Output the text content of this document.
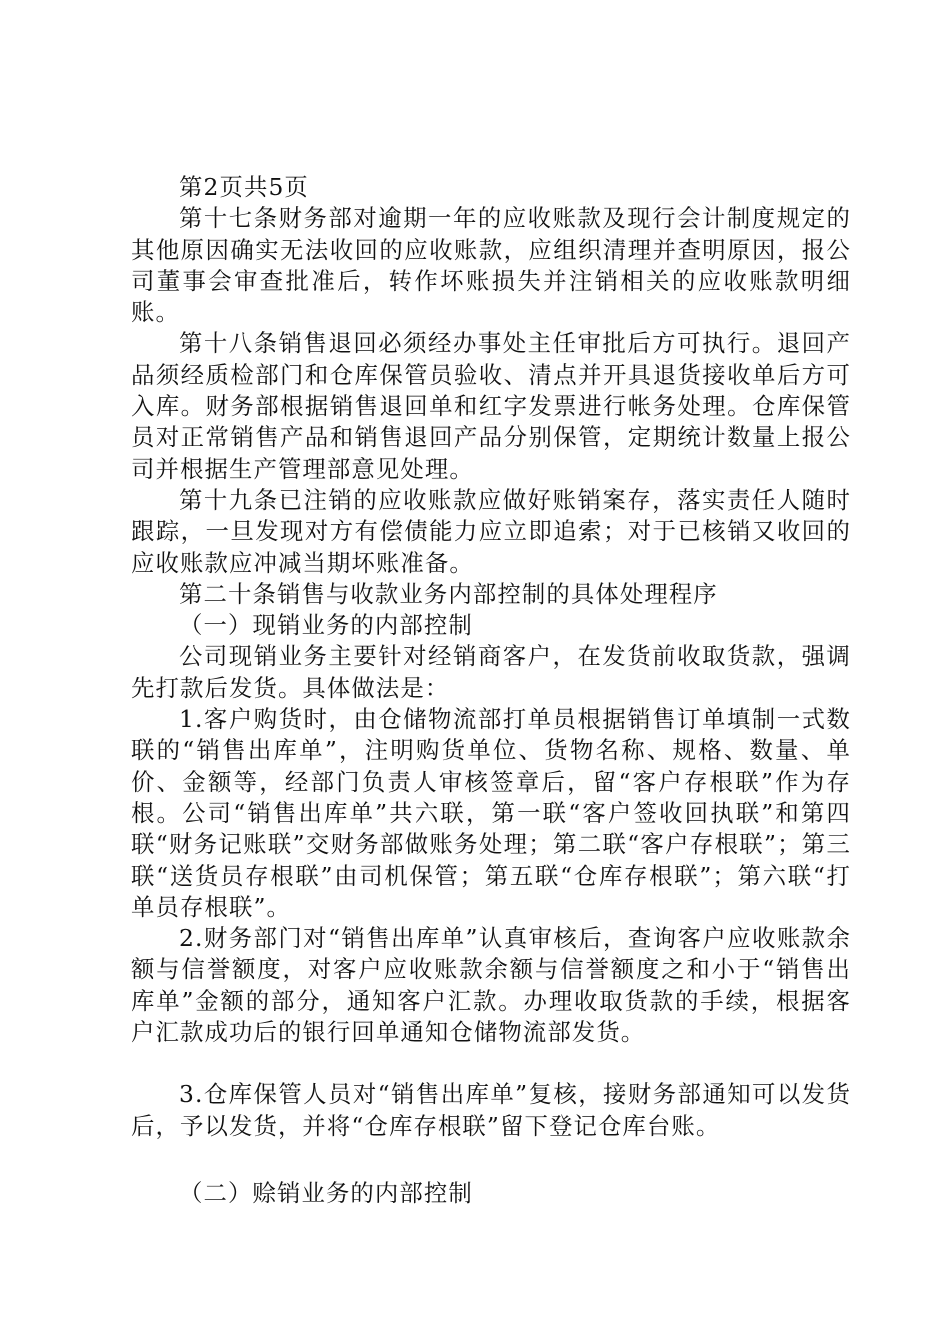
第2页共5页

第十七条财务部对逾期一年的应收账款及现行会计制度规定的其他原因确实无法收回的应收账款，应组织清理并查明原因，报公司董事会审查批准后，转作坏账损失并注销相关的应收账款明细账。

第十八条销售退回必须经办事处主任审批后方可执行。退回产品须经质检部门和仓库保管员验收、清点并开具退货接收单后方可入库。财务部根据销售退回单和红字发票进行帐务处理。仓库保管员对正常销售产品和销售退回产品分别保管，定期统计数量上报公司并根据生产管理部意见处理。

第十九条已注销的应收账款应做好账销案存，落实责任人随时跟踪，一旦发现对方有偿债能力应立即追索；对于已核销又收回的应收账款应冲减当期坏账准备。

第二十条销售与收款业务内部控制的具体处理程序

（一）现销业务的内部控制

公司现销业务主要针对经销商客户，在发货前收取货款，强调先打款后发货。具体做法是：

1.客户购货时，由仓储物流部打单员根据销售订单填制一式数联的“销售出库单”，注明购货单位、货物名称、规格、数量、单价、金额等，经部门负责人审核签章后，留“客户存根联”作为存根。公司“销售出库单”共六联，第一联“客户签收回执联”和第四联“财务记账联”交财务部做账务处理；第二联“客户存根联”；第三联“送货员存根联”由司机保管；第五联“仓库存根联”；第六联“打单员存根联”。

2.财务部门对“销售出库单”认真审核后，查询客户应收账款余额与信誉额度，对客户应收账款余额与信誉额度之和小于“销售出库单”金额的部分，通知客户汇款。办理收取货款的手续，根据客户汇款成功后的银行回单通知仓储物流部发货。

3.仓库保管人员对“销售出库单”复核，接财务部通知可以发货后，予以发货，并将“仓库存根联”留下登记仓库台账。

（二）赊销业务的内部控制
